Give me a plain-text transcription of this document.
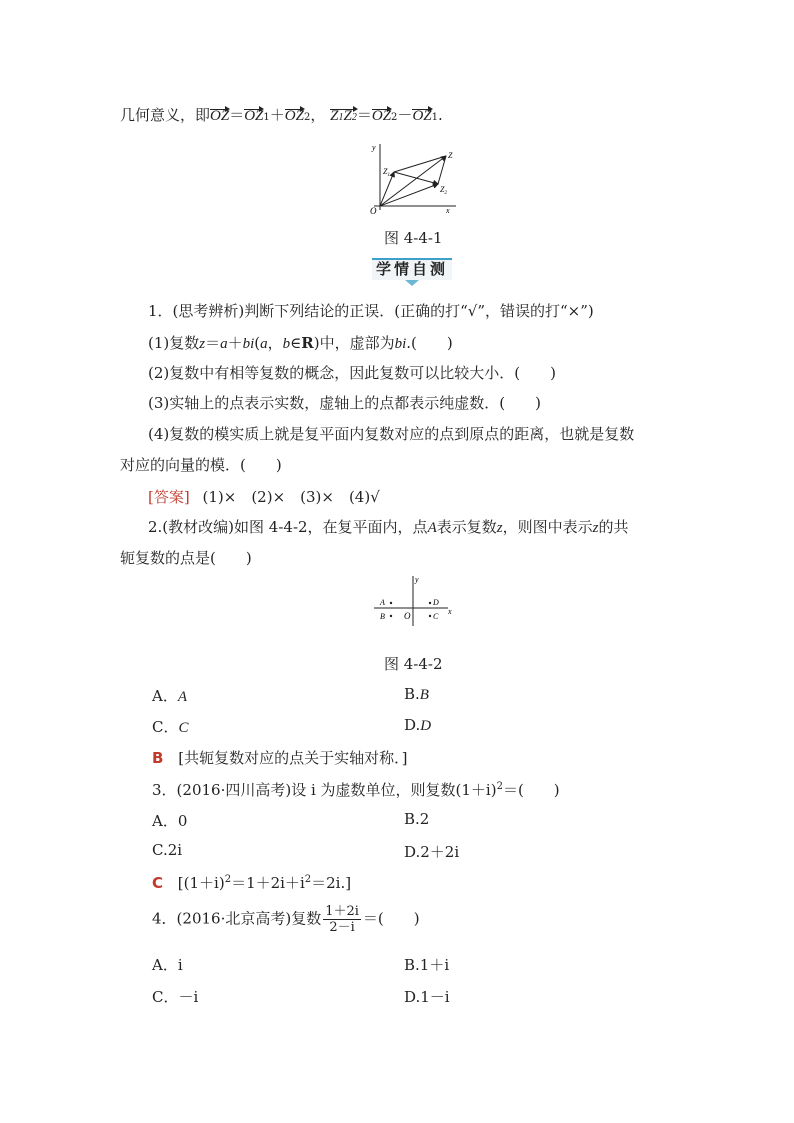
几何意义，即OZ＝OZ1＋OZ2， Z1Z2＝OZ2－OZ1.
y
x
O
Z
$Z_1$
$Z_2$
图 4-4-1
学情自测
1．(思考辨析)判断下列结论的正误．(正确的打“√”，错误的打“×”)
(1)复数z＝a＋bi(a，b∈R)中，虚部为bi.(　　)
(2)复数中有相等复数的概念，因此复数可以比较大小．(　　)
(3)实轴上的点表示实数，虚轴上的点都表示纯虚数．(　　)
(4)复数的模实质上就是复平面内复数对应的点到原点的距离，也就是复数
对应的向量的模．(　　)
[答案] (1)×　(2)×　(3)×　(4)√
2.(教材改编)如图 4-4-2，在复平面内，点A表示复数z，则图中表示z的共
轭复数的点是(　　)
y
x
O
A
B
D
C
图 4-4-2
A．A	B.B
C．C	D.D
B [共轭复数对应的点关于实轴对称．]
3．(2016·四川高考)设 i 为虚数单位，则复数$(1+i)^2=$(　　)
A．0	B.2
C.2i	D.2＋2i
C $[(1+i)^2=1+2i+i^2=2i.]$
4．(2016·北京高考)复数 $\frac{1+2i}{2-i}$ ＝(　　)
A．i	B.1＋i
C．－i	D.1－i
